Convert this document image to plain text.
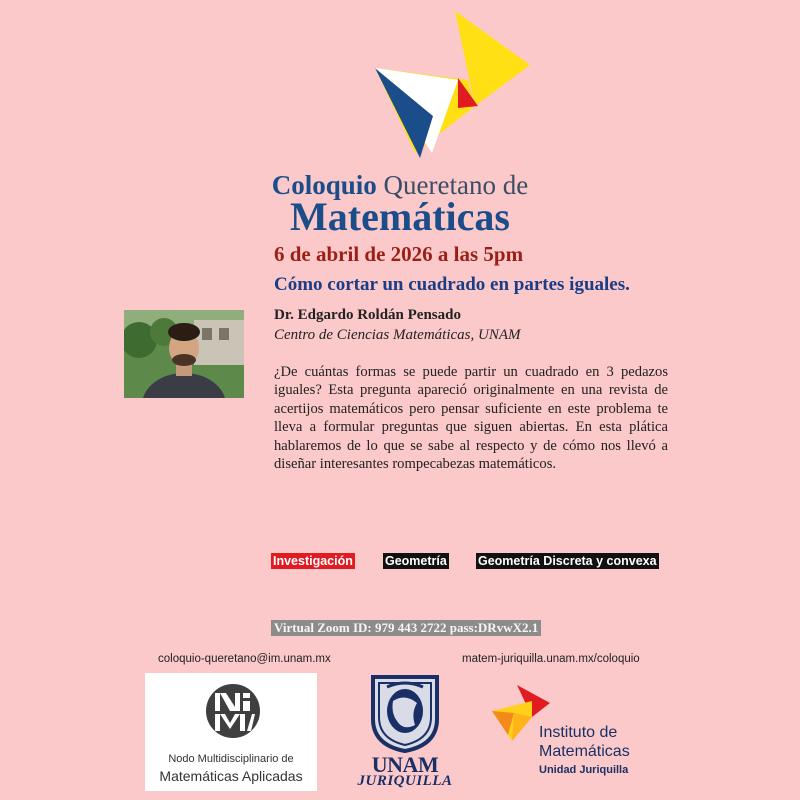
Coloquio Queretano de
Matemáticas
6 de abril de 2026 a las 5pm
Cómo cortar un cuadrado en partes iguales.
Dr. Edgardo Roldán Pensado
Centro de Ciencias Matemáticas, UNAM
¿De cuántas formas se puede partir un cuadrado en 3 pedazos iguales? Esta pregunta apareció originalmente en una revista de acertijos matemáticos pero pensar suficiente en este problema te lleva a formular preguntas que siguen abiertas. En esta plática hablaremos de lo que se sabe al respecto y de cómo nos llevó a diseñar interesantes rompecabezas matemáticos.
Investigación	Geometría Geometría Discreta y convexa
Virtual Zoom ID: 979 443 2722 pass:DRvwX2.1
coloquio-queretano@im.unam.mx	matem-juriquilla.unam.mx/coloquio
Nodo Multidisciplinario de
Matemáticas Aplicadas	UNAM
JURIQUILLA
Instituto de
Matemáticas
Unidad Juriquilla
